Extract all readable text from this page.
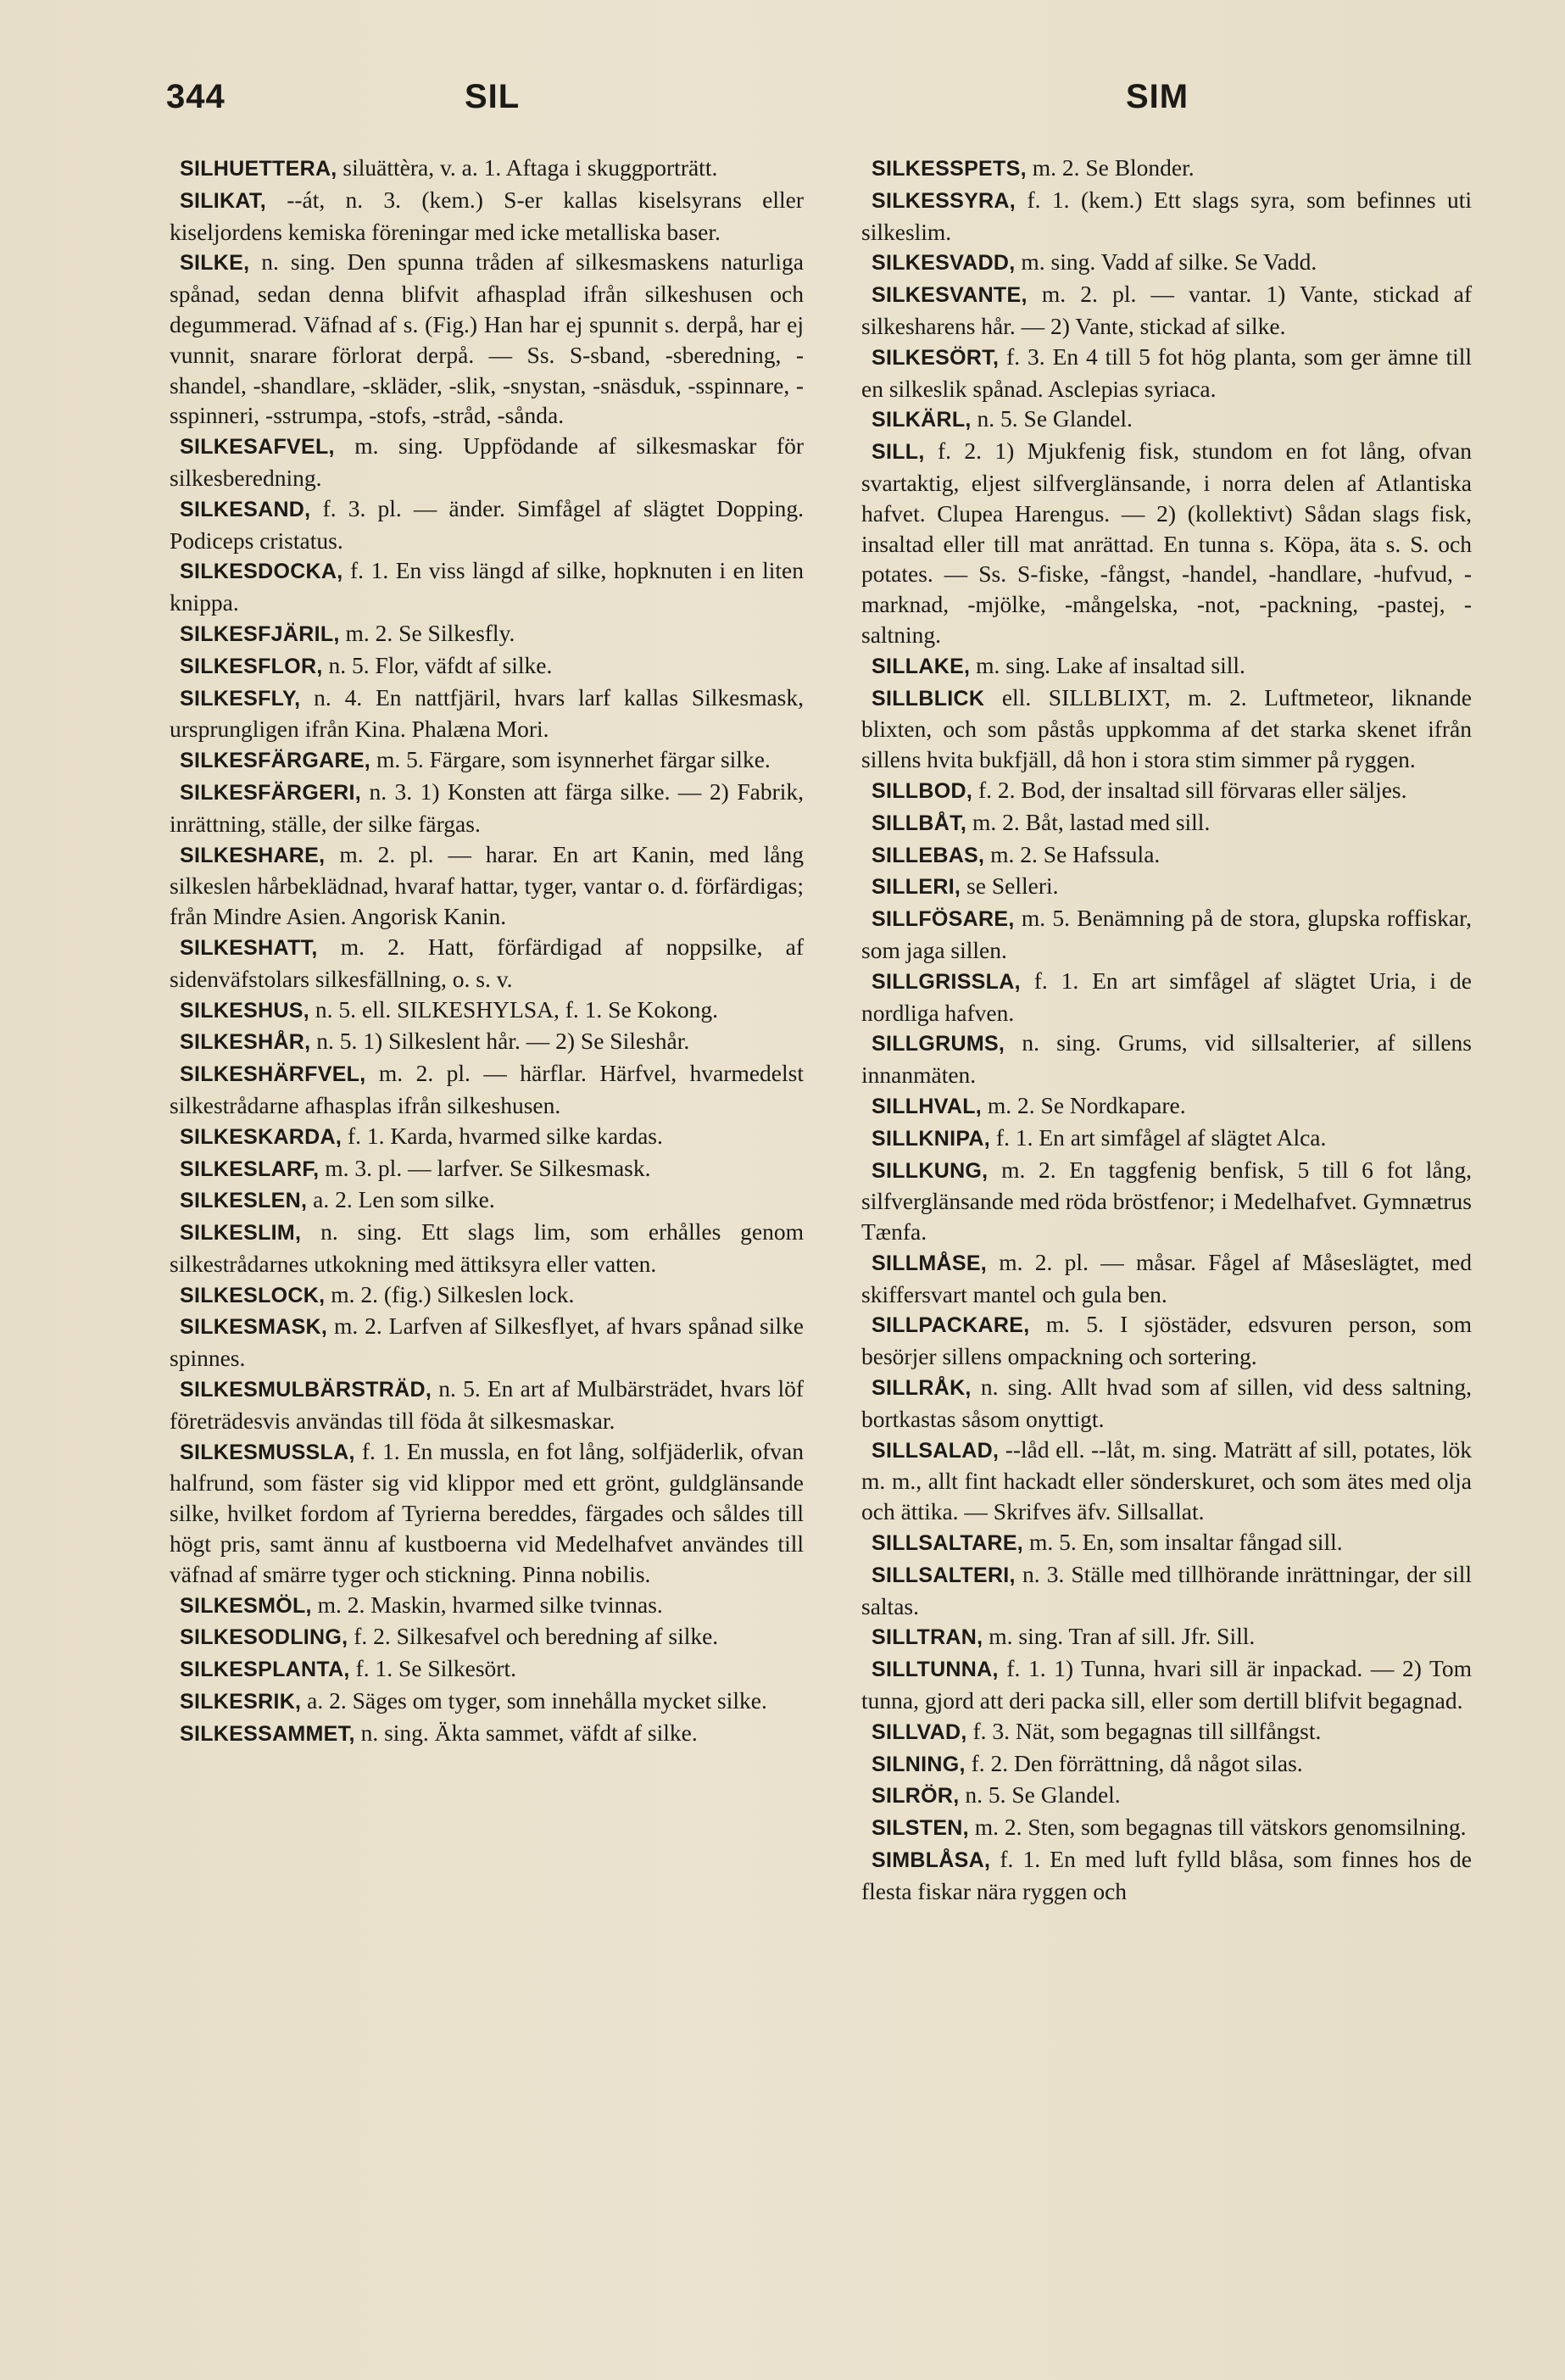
344	SIL	SIM

SILHUETTERA, siluättèra, v. a. 1. Aftaga i skuggporträtt.

SILIKAT, --át, n. 3. (kem.) S-er kallas kiselsyrans eller kiseljordens kemiska föreningar med icke metalliska baser.

SILKE, n. sing. Den spunna tråden af silkesmaskens naturliga spånad, sedan denna blifvit afhasplad ifrån silkeshusen och degummerad. Väfnad af s. (Fig.) Han har ej spunnit s. derpå, har ej vunnit, snarare förlorat derpå. — Ss. S-sband, -sberedning, -shandel, -shandlare, -skläder, -slik, -snystan, -snäsduk, -sspinnare, -sspinneri, -sstrumpa, -stofs, -stråd, -sånda.

SILKESAFVEL, m. sing. Uppfödande af silkesmaskar för silkesberedning.

SILKESAND, f. 3. pl. — änder. Simfågel af slägtet Dopping. Podiceps cristatus.

SILKESDOCKA, f. 1. En viss längd af silke, hopknuten i en liten knippa.

SILKESFJÄRIL, m. 2. Se Silkesfly.

SILKESFLOR, n. 5. Flor, väfdt af silke.

SILKESFLY, n. 4. En nattfjäril, hvars larf kallas Silkesmask, ursprungligen ifrån Kina. Phalæna Mori.

SILKESFÄRGARE, m. 5. Färgare, som isynnerhet färgar silke.

SILKESFÄRGERI, n. 3. 1) Konsten att färga silke. — 2) Fabrik, inrättning, ställe, der silke färgas.

SILKESHARE, m. 2. pl. — harar. En art Kanin, med lång silkeslen hårbeklädnad, hvaraf hattar, tyger, vantar o. d. förfärdigas; från Mindre Asien. Angorisk Kanin.

SILKESHATT, m. 2. Hatt, förfärdigad af noppsilke, af sidenväfstolars silkesfällning, o. s. v.

SILKESHUS, n. 5. ell. SILKESHYLSA, f. 1. Se Kokong.

SILKESHÅR, n. 5. 1) Silkeslent hår. — 2) Se Sileshår.

SILKESHÄRFVEL, m. 2. pl. — härflar. Härfvel, hvarmedelst silkestrådarne afhasplas ifrån silkeshusen.

SILKESKARDA, f. 1. Karda, hvarmed silke kardas.

SILKESLARF, m. 3. pl. — larfver. Se Silkesmask.

SILKESLEN, a. 2. Len som silke.

SILKESLIM, n. sing. Ett slags lim, som erhålles genom silkestrådarnes utkokning med ättiksyra eller vatten.

SILKESLOCK, m. 2. (fig.) Silkeslen lock.

SILKESMASK, m. 2. Larfven af Silkesflyet, af hvars spånad silke spinnes.

SILKESMULBÄRSTRÄD, n. 5. En art af Mulbärsträdet, hvars löf företrädesvis användas till föda åt silkesmaskar.

SILKESMUSSLA, f. 1. En mussla, en fot lång, solfjäderlik, ofvan halfrund, som fäster sig vid klippor med ett grönt, guldglänsande silke, hvilket fordom af Tyrierna bereddes, färgades och såldes till högt pris, samt ännu af kustboerna vid Medelhafvet användes till väfnad af smärre tyger och stickning. Pinna nobilis.

SILKESMÖL, m. 2. Maskin, hvarmed silke tvinnas.

SILKESODLING, f. 2. Silkesafvel och beredning af silke.

SILKESPLANTA, f. 1. Se Silkesört.

SILKESRIK, a. 2. Säges om tyger, som innehålla mycket silke.

SILKESSAMMET, n. sing. Äkta sammet, väfdt af silke.

SILKESSPETS, m. 2. Se Blonder.

SILKESSYRA, f. 1. (kem.) Ett slags syra, som befinnes uti silkeslim.

SILKESVADD, m. sing. Vadd af silke. Se Vadd.

SILKESVANTE, m. 2. pl. — vantar. 1) Vante, stickad af silkesharens hår. — 2) Vante, stickad af silke.

SILKESÖRT, f. 3. En 4 till 5 fot hög planta, som ger ämne till en silkeslik spånad. Asclepias syriaca.

SILKÄRL, n. 5. Se Glandel.

SILL, f. 2. 1) Mjukfenig fisk, stundom en fot lång, ofvan svartaktig, eljest silfverglänsande, i norra delen af Atlantiska hafvet. Clupea Harengus. — 2) (kollektivt) Sådan slags fisk, insaltad eller till mat anrättad. En tunna s. Köpa, äta s. S. och potates. — Ss. S-fiske, -fångst, -handel, -handlare, -hufvud, -marknad, -mjölke, -mångelska, -not, -packning, -pastej, -saltning.

SILLAKE, m. sing. Lake af insaltad sill.

SILLBLICK ell. SILLBLIXT, m. 2. Luftmeteor, liknande blixten, och som påstås uppkomma af det starka skenet ifrån sillens hvita bukfjäll, då hon i stora stim simmer på ryggen.

SILLBOD, f. 2. Bod, der insaltad sill förvaras eller säljes.

SILLBÅT, m. 2. Båt, lastad med sill.

SILLEBAS, m. 2. Se Hafssula.

SILLERI, se Selleri.

SILLFÖSARE, m. 5. Benämning på de stora, glupska roffiskar, som jaga sillen.

SILLGRISSLA, f. 1. En art simfågel af slägtet Uria, i de nordliga hafven.

SILLGRUMS, n. sing. Grums, vid sillsalterier, af sillens innanmäten.

SILLHVAL, m. 2. Se Nordkapare.

SILLKNIPA, f. 1. En art simfågel af slägtet Alca.

SILLKUNG, m. 2. En taggfenig benfisk, 5 till 6 fot lång, silfverglänsande med röda bröstfenor; i Medelhafvet. Gymnætrus Tænfa.

SILLMÅSE, m. 2. pl. — måsar. Fågel af Måseslägtet, med skiffersvart mantel och gula ben.

SILLPACKARE, m. 5. I sjöstäder, edsvuren person, som besörjer sillens ompackning och sortering.

SILLRÅK, n. sing. Allt hvad som af sillen, vid dess saltning, bortkastas såsom onyttigt.

SILLSALAD, --låd ell. --låt, m. sing. Maträtt af sill, potates, lök m. m., allt fint hackadt eller sönderskuret, och som ätes med olja och ättika. — Skrifves äfv. Sillsallat.

SILLSALTARE, m. 5. En, som insaltar fångad sill.

SILLSALTERI, n. 3. Ställe med tillhörande inrättningar, der sill saltas.

SILLTRAN, m. sing. Tran af sill. Jfr. Sill.

SILLTUNNA, f. 1. 1) Tunna, hvari sill är inpackad. — 2) Tom tunna, gjord att deri packa sill, eller som dertill blifvit begagnad.

SILLVAD, f. 3. Nät, som begagnas till sillfångst.

SILNING, f. 2. Den förrättning, då något silas.

SILRÖR, n. 5. Se Glandel.

SILSTEN, m. 2. Sten, som begagnas till vätskors genomsilning.

SIMBLÅSA, f. 1. En med luft fylld blåsa, som finnes hos de flesta fiskar nära ryggen och
